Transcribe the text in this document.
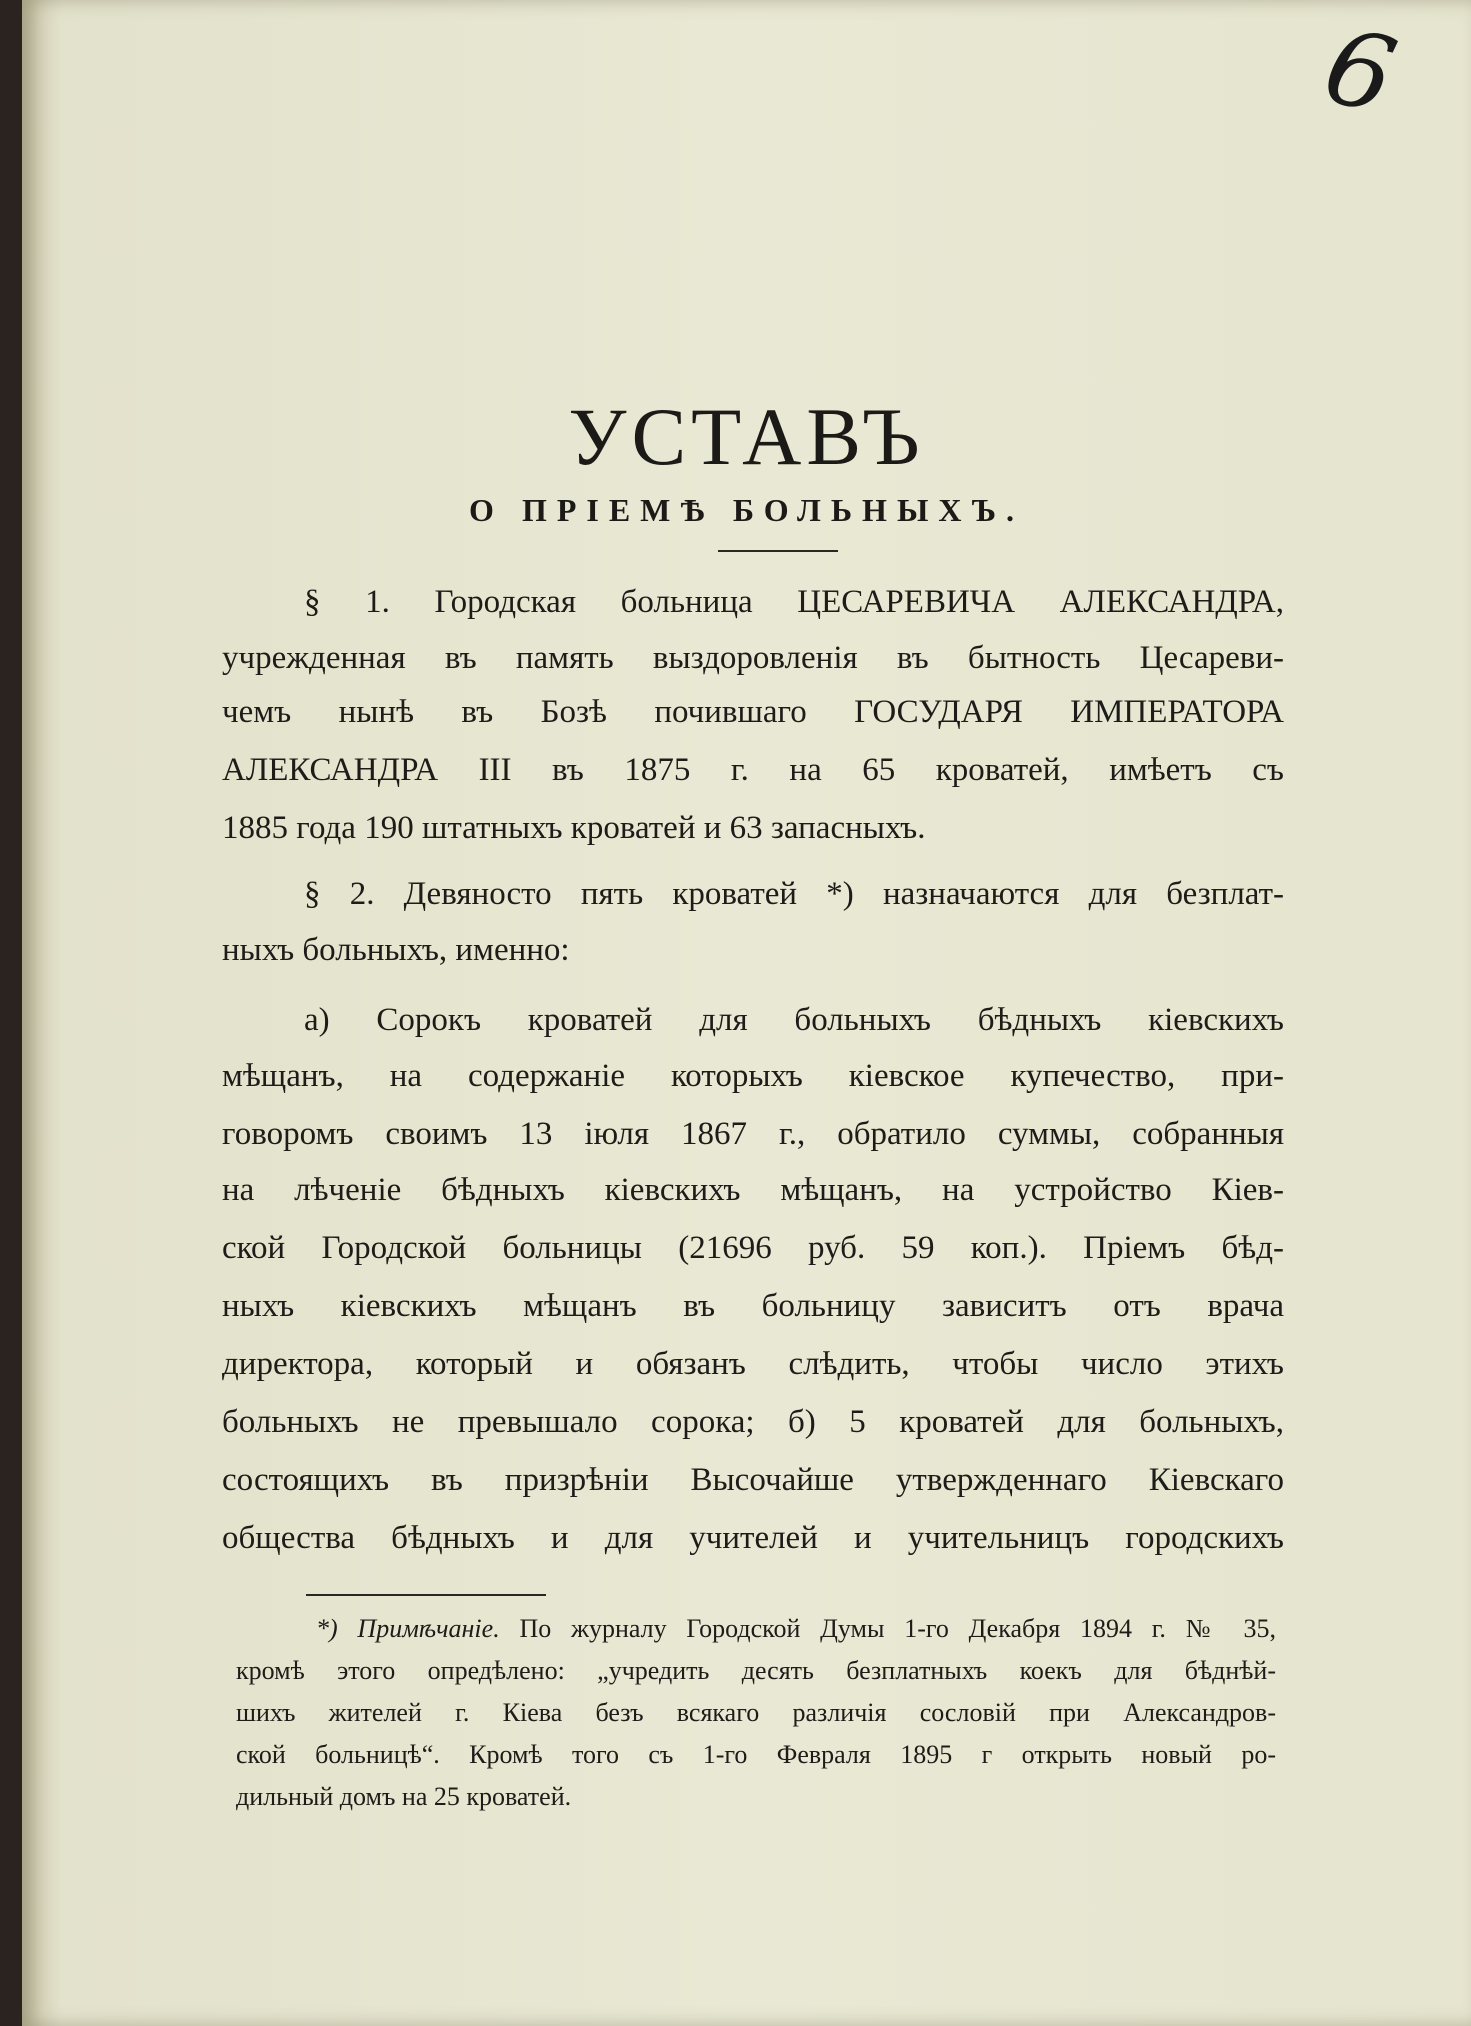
6
УСТАВЪ
О ПРІЕМѢ БОЛЬНЫХЪ.
§ 1. Городская больница ЦЕСАРЕВИЧА АЛЕКСАНДРА,
учрежденная въ память выздоровленія въ бытность Цесареви-
чемъ нынѣ въ Бозѣ почившаго ГОСУДАРЯ ИМПЕРАТОРА
АЛЕКСАНДРА III въ 1875 г. на 65 кроватей, имѣетъ съ
1885 года 190 штатныхъ кроватей и 63 запасныхъ.
§ 2. Девяносто пять кроватей *) назначаются для безплат-
ныхъ больныхъ, именно:
а) Сорокъ кроватей для больныхъ бѣдныхъ кіевскихъ
мѣщанъ, на содержаніе которыхъ кіевское купечество, при-
говоромъ своимъ 13 іюля 1867 г., обратило суммы, собранныя
на лѣченіе бѣдныхъ кіевскихъ мѣщанъ, на устройство Кіев-
ской Городской больницы (21696 руб. 59 коп.). Пріемъ бѣд-
ныхъ кіевскихъ мѣщанъ въ больницу зависитъ отъ врача
директора, который и обязанъ слѣдить, чтобы число этихъ
больныхъ не превышало сорока; б) 5 кроватей для больныхъ,
состоящихъ въ призрѣніи Высочайше утвержденнаго Кіевскаго
общества бѣдныхъ и для учителей и учительницъ городскихъ
*) Примѣчаніе. По журналу Городской Думы 1-го Декабря 1894 г. № 35,
кромѣ этого опредѣлено: „учредить десять безплатныхъ коекъ для бѣднѣй-
шихъ жителей г. Кіева безъ всякаго различія сословій при Александров-
ской больницѣ“. Кромѣ того съ 1-го Февраля 1895 г открыть новый ро-
дильный домъ на 25 кроватей.
